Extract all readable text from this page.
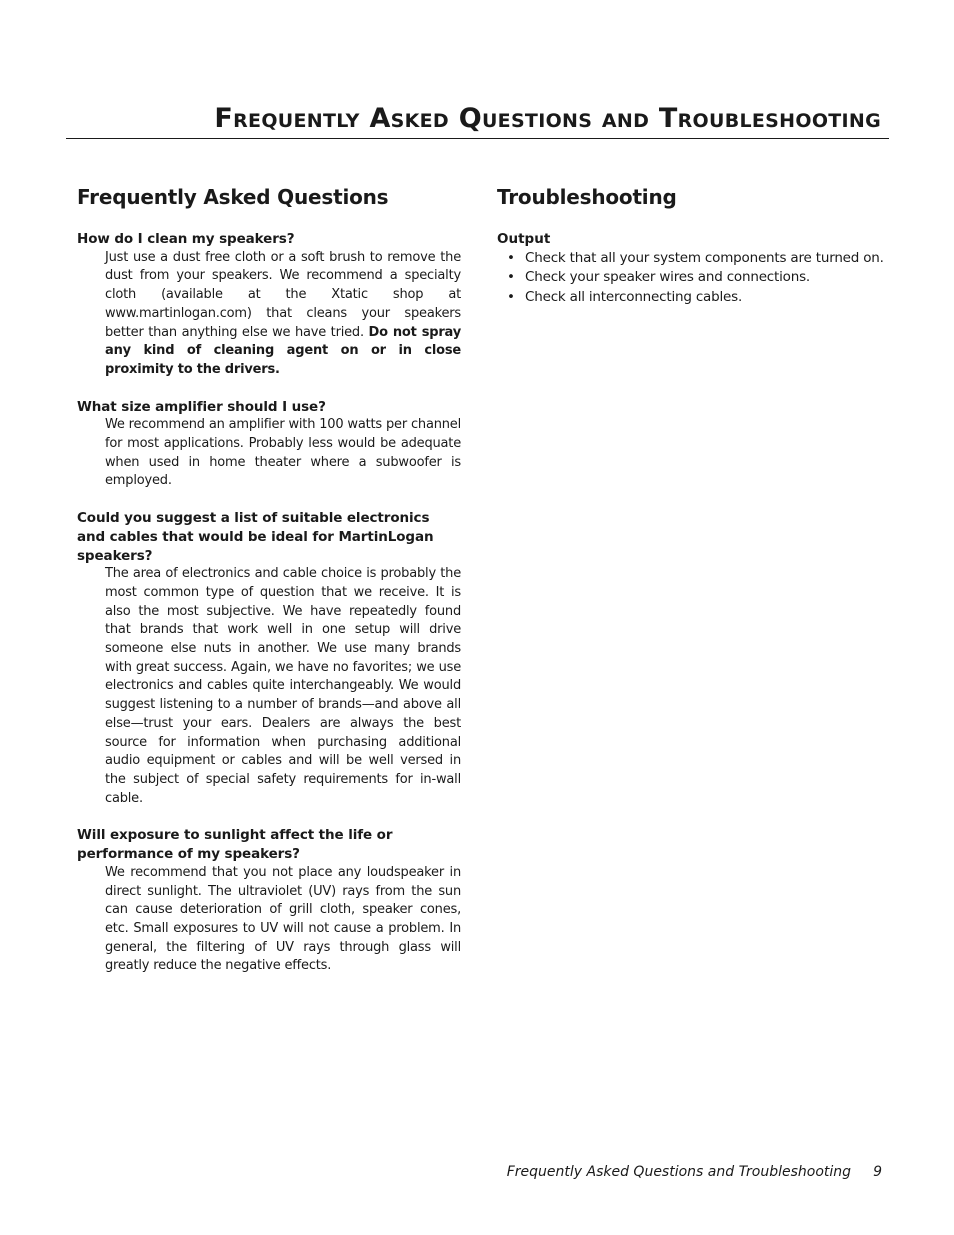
Frequently Asked Questions and Troubleshooting
Frequently Asked Questions

How do I clean my speakers?

Just use a dust free cloth or a soft brush to remove the dust from your speakers. We recommend a specialty cloth (available at the Xtatic shop at www.martinlogan.com) that cleans your speakers better than anything else we have tried. Do not spray any kind of cleaning agent on or in close proximity to the drivers.

What size amplifier should I use?

We recommend an amplifier with 100 watts per channel for most applications. Probably less would be adequate when used in home theater where a subwoofer is employed.

Could you suggest a list of suitable electronics and cables that would be ideal for MartinLogan speakers?

The area of electronics and cable choice is probably the most common type of question that we receive. It is also the most subjective. We have repeatedly found that brands that work well in one setup will drive someone else nuts in another. We use many brands with great success. Again, we have no favorites; we use electronics and cables quite interchangeably. We would suggest listening to a number of brands—and above all else—trust your ears. Dealers are always the best source for information when purchasing additional audio equipment or cables and will be well versed in the subject of special safety requirements for in-wall cable.

Will exposure to sunlight affect the life or performance of my speakers?

We recommend that you not place any loudspeaker in direct sunlight. The ultraviolet (UV) rays from the sun can cause deterioration of grill cloth, speaker cones, etc. Small exposures to UV will not cause a problem. In general, the filtering of UV rays through glass will greatly reduce the negative effects.

Troubleshooting

Output

• Check that all your system components are turned on.
• Check your speaker wires and connections.
• Check all interconnecting cables.
Frequently Asked Questions and Troubleshooting 9
